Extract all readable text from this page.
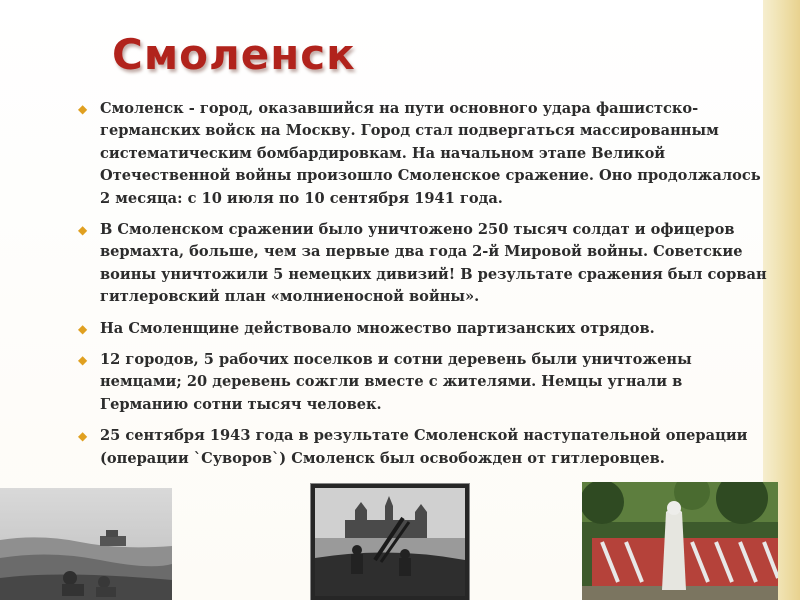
Смоленск
◆ Смоленск - город, оказавшийся на пути основного удара фашистско-германских войск на Москву. Город стал подвергаться массированным систематическим бомбардировкам. На начальном этапе Великой Отечественной войны произошло Смоленское сражение. Оно продолжалось 2 месяца: с 10 июля по 10 сентября 1941 года.
◆ В Смоленском сражении было уничтожено 250 тысяч солдат и офицеров вермахта, больше, чем за первые два года 2-й Мировой войны. Советские воины уничтожили 5 немецких дивизий! В результате сражения был сорван гитлеровский план «молниеносной войны».
◆ На Смоленщине действовало множество партизанских отрядов.
◆ 12 городов, 5 рабочих поселков и сотни деревень были уничтожены немцами; 20 деревень сожгли вместе с жителями. Немцы угнали в Германию сотни тысяч человек.
◆ 25 сентября 1943 года в результате Смоленской наступательной операции (операции `Суворов`) Смоленск был освобожден от гитлеровцев.
